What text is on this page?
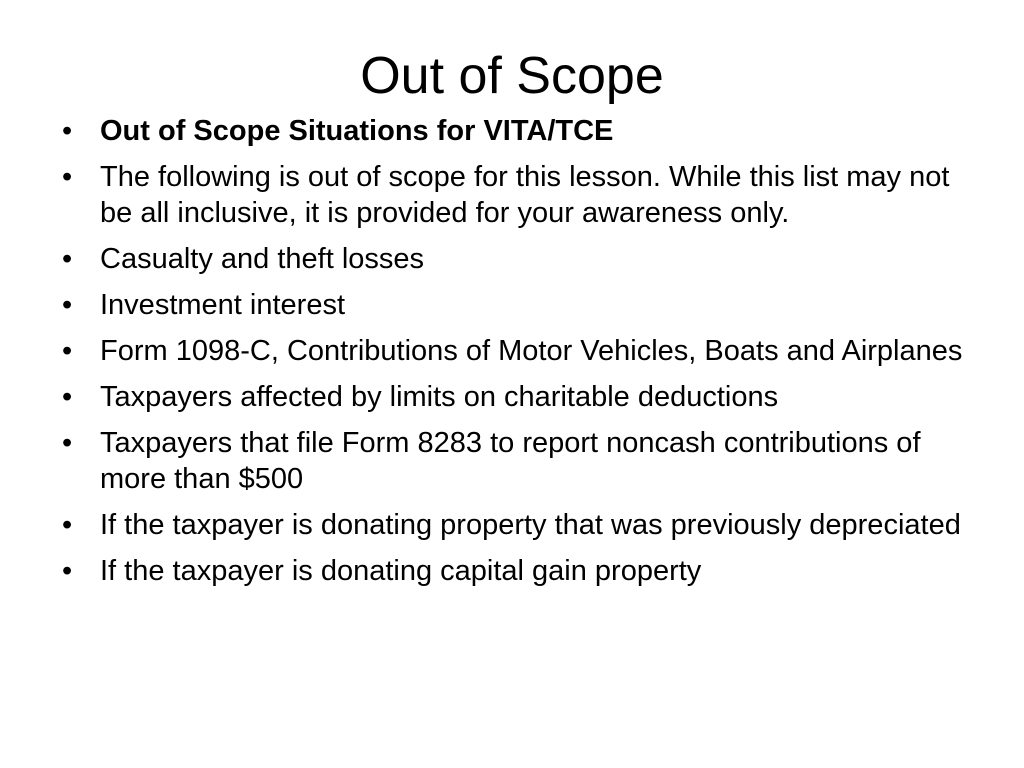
Out of Scope
• Out of Scope Situations for VITA/TCE
• The following is out of scope for this lesson. While this list may not be all inclusive, it is provided for your awareness only.
• Casualty and theft losses
• Investment interest
• Form 1098-C, Contributions of Motor Vehicles, Boats and Airplanes
• Taxpayers affected by limits on charitable deductions
• Taxpayers that file Form 8283 to report noncash contributions of more than $500
• If the taxpayer is donating property that was previously depreciated
• If the taxpayer is donating capital gain property
